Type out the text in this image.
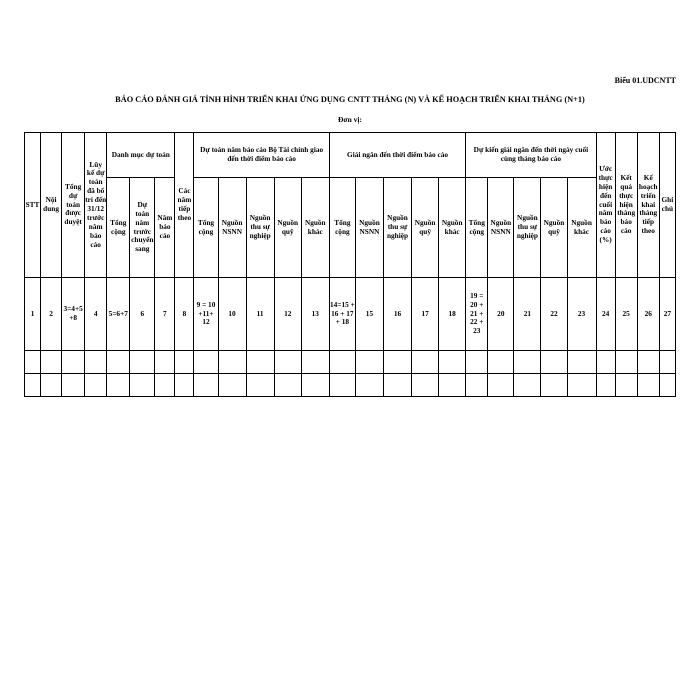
Biểu 01.UDCNTT
BÁO CÁO ĐÁNH GIÁ TÌNH HÌNH TRIỂN KHAI ỨNG DỤNG CNTT THÁNG (N) VÀ KẾ HOẠCH TRIỂN KHAI THÁNG (N+1)
Đơn vị:
STT	Nội dung	Tổng dự toán được duyệt	Lũy kế dự toán đã bố trí đến 31/12 trước năm báo cáo	Danh mục dự toán			Các năm tiếp theo	Dự toán năm báo cáo Bộ Tài chính giao đến thời điểm báo cáo					Giải ngân đến thời điểm báo cáo					Dự kiến giải ngân đến thời ngày cuối cùng tháng báo cáo					Ước thực hiện đến cuối năm báo cáo (%)	Kết quả thực hiện tháng báo cáo	Kế hoạch triển khai tháng tiếp theo	Ghi chú
				Tổng cộng	Dự toán năm trước chuyển sang	Năm báo cáo		Tổng cộng	Nguồn NSNN	Nguồn thu sự nghiệp	Nguồn quỹ	Nguồn khác	Tổng cộng	Nguồn NSNN	Nguồn thu sự nghiệp	Nguồn quỹ	Nguồn khác	Tổng cộng	Nguồn NSNN	Nguồn thu sự nghiệp	Nguồn quỹ	Nguồn khác				
1	2	3=4+5+8	4	5=6+7	6	7	8	9 = 10 +11+ 12	10	11	12	13	14=15 + 16 + 17 + 18	15	16	17	18	19 = 20 + 21 + 22 + 23	20	21	22	23	24	25	26	27
